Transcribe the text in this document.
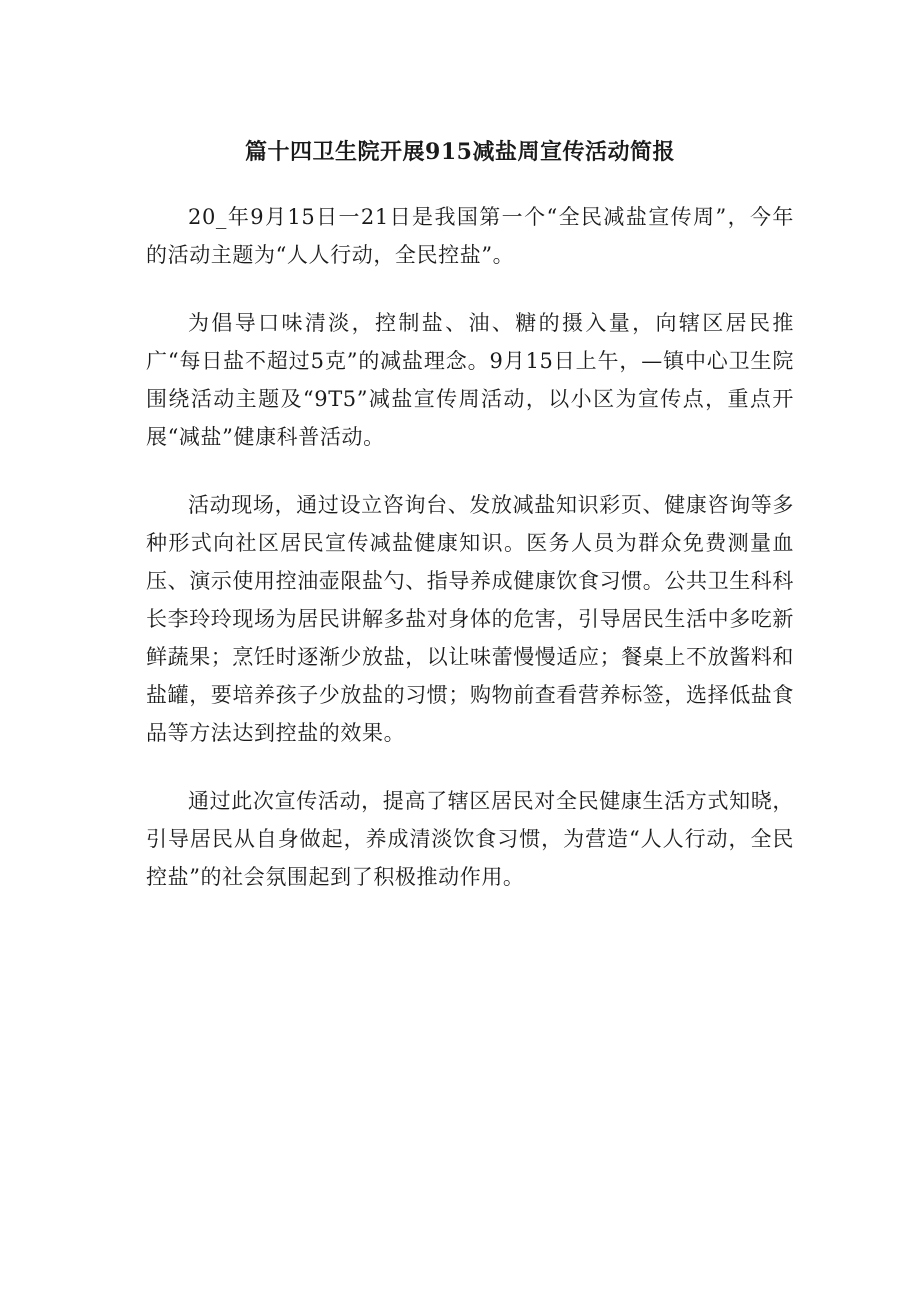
篇十四卫生院开展915减盐周宣传活动简报

20_年9月15日一21日是我国第一个“全民减盐宣传周”，今年的活动主题为“人人行动，全民控盐”。

为倡导口味清淡，控制盐、油、糖的摄入量，向辖区居民推广“每日盐不超过5克”的减盐理念。9月15日上午，—镇中心卫生院围绕活动主题及“9T5”减盐宣传周活动，以小区为宣传点，重点开展“减盐”健康科普活动。

活动现场，通过设立咨询台、发放减盐知识彩页、健康咨询等多种形式向社区居民宣传减盐健康知识。医务人员为群众免费测量血压、演示使用控油壶限盐勺、指导养成健康饮食习惯。公共卫生科科长李玲玲现场为居民讲解多盐对身体的危害，引导居民生活中多吃新鲜蔬果；烹饪时逐渐少放盐，以让味蕾慢慢适应；餐桌上不放酱料和盐罐，要培养孩子少放盐的习惯；购物前查看营养标签，选择低盐食品等方法达到控盐的效果。

通过此次宣传活动，提高了辖区居民对全民健康生活方式知晓，引导居民从自身做起，养成清淡饮食习惯，为营造“人人行动，全民控盐”的社会氛围起到了积极推动作用。
